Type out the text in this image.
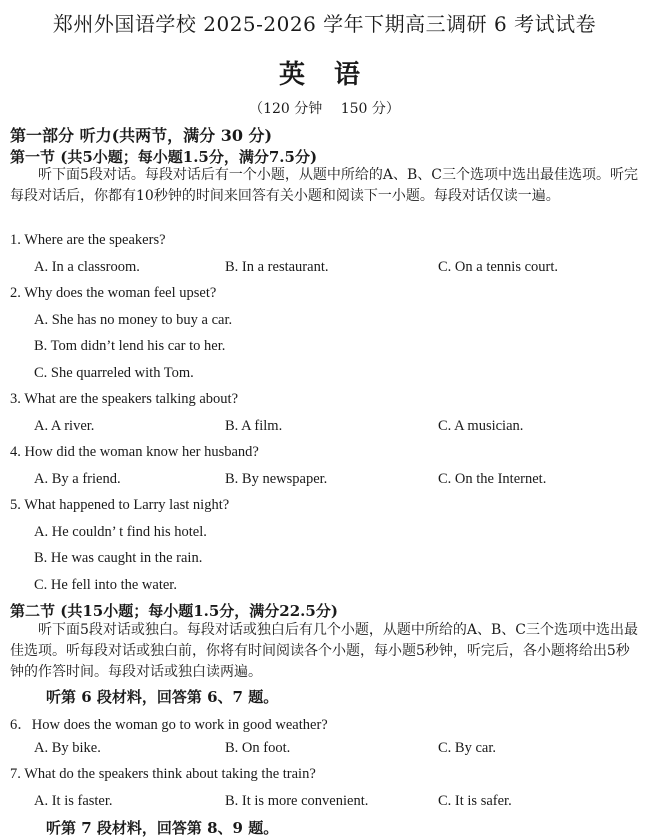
郑州外国语学校 2025-2026 学年下期高三调研 6 考试试卷
英 语
（120 分钟　 150 分）
第一部分 听力(共两节，满分 30 分)
第一节 (共5小题；每小题1.5分，满分7.5分)
听下面5段对话。每段对话后有一个小题，从题中所给的A、B、C三个选项中选出最佳选项。听完每段对话后，你都有10秒钟的时间来回答有关小题和阅读下一小题。每段对话仅读一遍。
1. Where are the speakers?
A. In a classroom.	B. In a restaurant.	C. On a tennis court.
2. Why does the woman feel upset?
A. She has no money to buy a car.
B. Tom didn’t lend his car to her.
C. She quarreled with Tom.
3. What are the speakers talking about?
A. A river.	B. A film.	C. A musician.
4. How did the woman know her husband?
A. By a friend.	B. By newspaper.	C. On the Internet.
5. What happened to Larry last night?
A. He couldn’ t find his hotel.
B. He was caught in the rain.
C. He fell into the water.
第二节 (共15小题；每小题1.5分，满分22.5分)
听下面5段对话或独白。每段对话或独白后有几个小题，从题中所给的A、B、C三个选项中选出最佳选项。听每段对话或独白前，你将有时间阅读各个小题，每小题5秒钟，听完后，各小题将给出5秒钟的作答时间。每段对话或独白读两遍。
听第 6 段材料，回答第 6、7 题。
6．How does the woman go to work in good weather?
A. By bike.	B. On foot.	C. By car.
7. What do the speakers think about taking the train?
A. It is faster.	B. It is more convenient.	C. It is safer.
听第 7 段材料，回答第 8、9 题。
